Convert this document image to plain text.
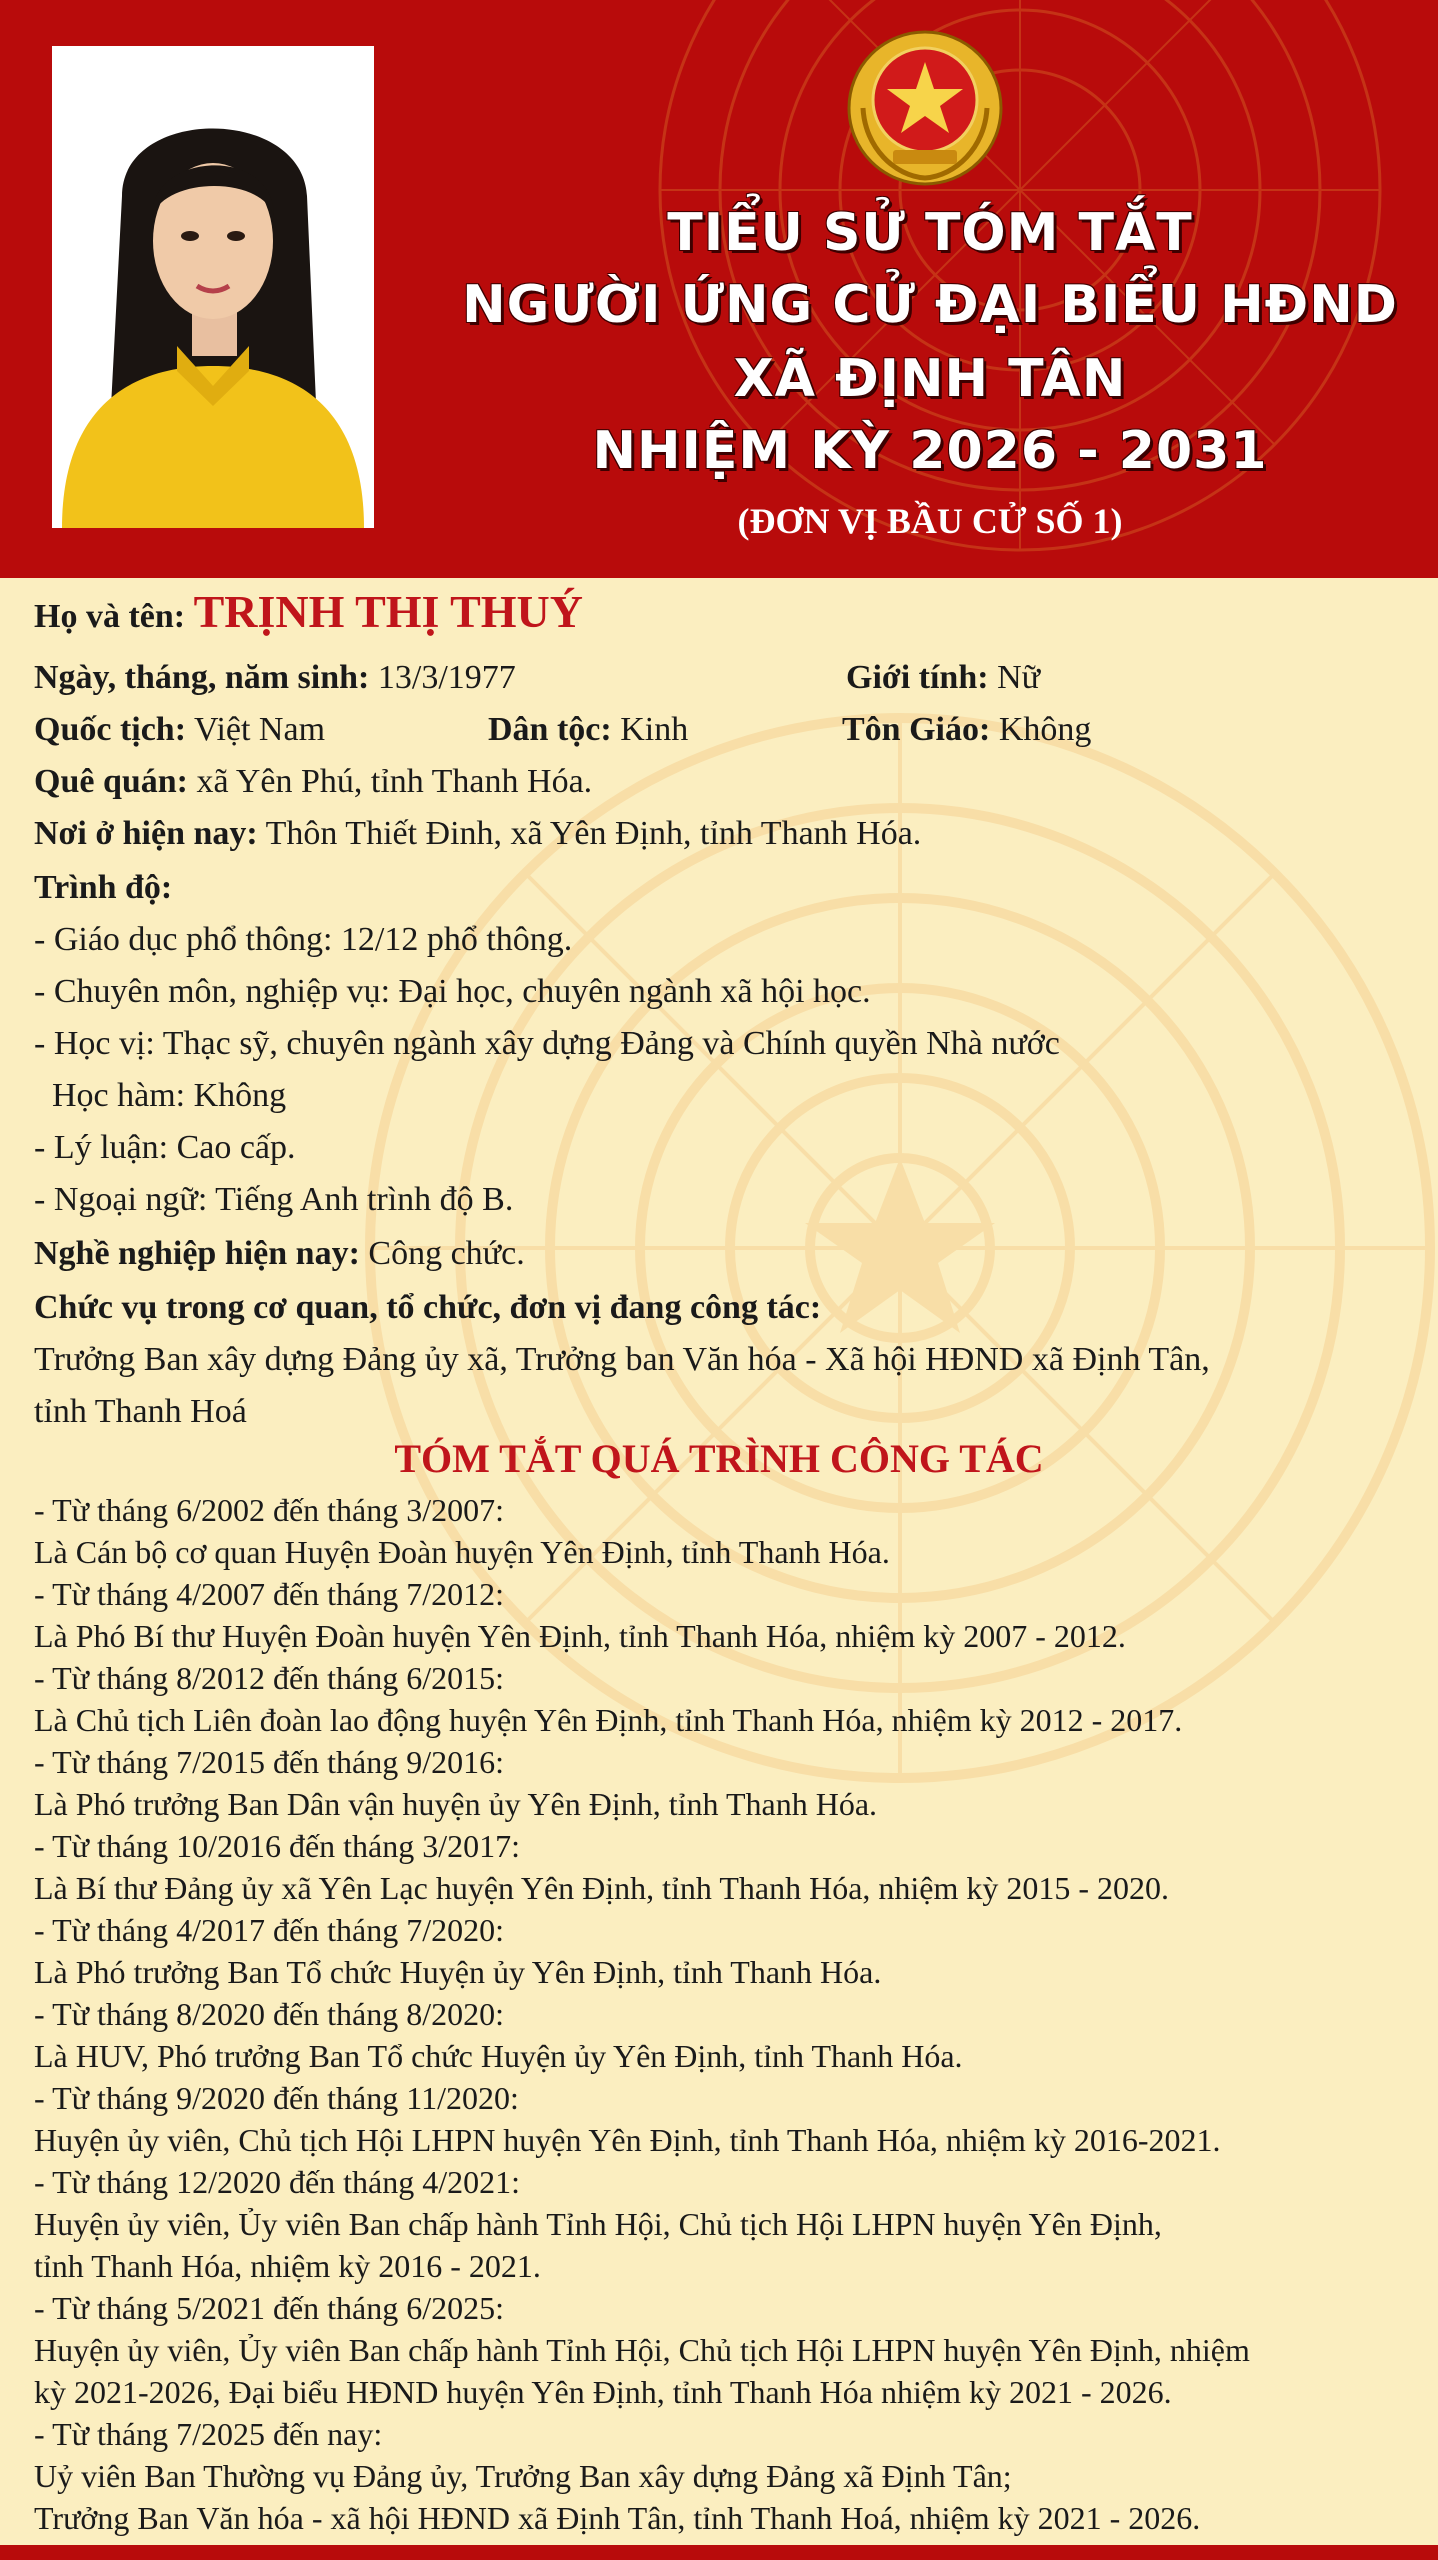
TIỂU SỬ TÓM TẮT
NGƯỜI ỨNG CỬ ĐẠI BIỂU HĐND
XÃ ĐỊNH TÂN
NHIỆM KỲ 2026 - 2031
(ĐƠN VỊ BẦU CỬ SỐ 1)
Họ và tên: TRỊNH THỊ THUÝ
Ngày, tháng, năm sinh: 13/3/1977	Giới tính: Nữ
Quốc tịch: Việt Nam	Dân tộc: Kinh	Tôn Giáo: Không
Quê quán: xã Yên Phú, tỉnh Thanh Hóa.
Nơi ở hiện nay: Thôn Thiết Đinh, xã Yên Định, tỉnh Thanh Hóa.
Trình độ:
- Giáo dục phổ thông: 12/12 phổ thông.
- Chuyên môn, nghiệp vụ: Đại học, chuyên ngành xã hội học.
- Học vị: Thạc sỹ, chuyên ngành xây dựng Đảng và Chính quyền Nhà nước
Học hàm: Không
- Lý luận: Cao cấp.
- Ngoại ngữ: Tiếng Anh trình độ B.
Nghề nghiệp hiện nay: Công chức.
Chức vụ trong cơ quan, tổ chức, đơn vị đang công tác:
Trưởng Ban xây dựng Đảng ủy xã, Trưởng ban Văn hóa - Xã hội HĐND xã Định Tân,
tỉnh Thanh Hoá
TÓM TẮT QUÁ TRÌNH CÔNG TÁC
- Từ tháng 6/2002 đến tháng 3/2007:
Là Cán bộ cơ quan Huyện Đoàn huyện Yên Định, tỉnh Thanh Hóa.
- Từ tháng 4/2007 đến tháng 7/2012:
Là Phó Bí thư Huyện Đoàn huyện Yên Định, tỉnh Thanh Hóa, nhiệm kỳ 2007 - 2012.
- Từ tháng 8/2012 đến tháng 6/2015:
Là Chủ tịch Liên đoàn lao động huyện Yên Định, tỉnh Thanh Hóa, nhiệm kỳ 2012 - 2017.
- Từ tháng 7/2015 đến tháng 9/2016:
Là Phó trưởng Ban Dân vận huyện ủy Yên Định, tỉnh Thanh Hóa.
- Từ tháng 10/2016 đến tháng 3/2017:
Là Bí thư Đảng ủy xã Yên Lạc huyện Yên Định, tỉnh Thanh Hóa, nhiệm kỳ 2015 - 2020.
- Từ tháng 4/2017 đến tháng 7/2020:
Là Phó trưởng Ban Tổ chức Huyện ủy Yên Định, tỉnh Thanh Hóa.
- Từ tháng 8/2020 đến tháng 8/2020:
Là HUV, Phó trưởng Ban Tổ chức Huyện ủy Yên Định, tỉnh Thanh Hóa.
- Từ tháng 9/2020 đến tháng 11/2020:
Huyện ủy viên, Chủ tịch Hội LHPN huyện Yên Định, tỉnh Thanh Hóa, nhiệm kỳ 2016-2021.
- Từ tháng 12/2020 đến tháng 4/2021:
Huyện ủy viên, Ủy viên Ban chấp hành Tỉnh Hội, Chủ tịch Hội LHPN huyện Yên Định,
tỉnh Thanh Hóa, nhiệm kỳ 2016 - 2021.
- Từ tháng 5/2021 đến tháng 6/2025:
Huyện ủy viên, Ủy viên Ban chấp hành Tỉnh Hội, Chủ tịch Hội LHPN huyện Yên Định, nhiệm
kỳ 2021-2026, Đại biểu HĐND huyện Yên Định, tỉnh Thanh Hóa nhiệm kỳ 2021 - 2026.
- Từ tháng 7/2025 đến nay:
Uỷ viên Ban Thường vụ Đảng ủy, Trưởng Ban xây dựng Đảng xã Định Tân;
Trưởng Ban Văn hóa - xã hội HĐND xã Định Tân, tỉnh Thanh Hoá, nhiệm kỳ 2021 - 2026.
